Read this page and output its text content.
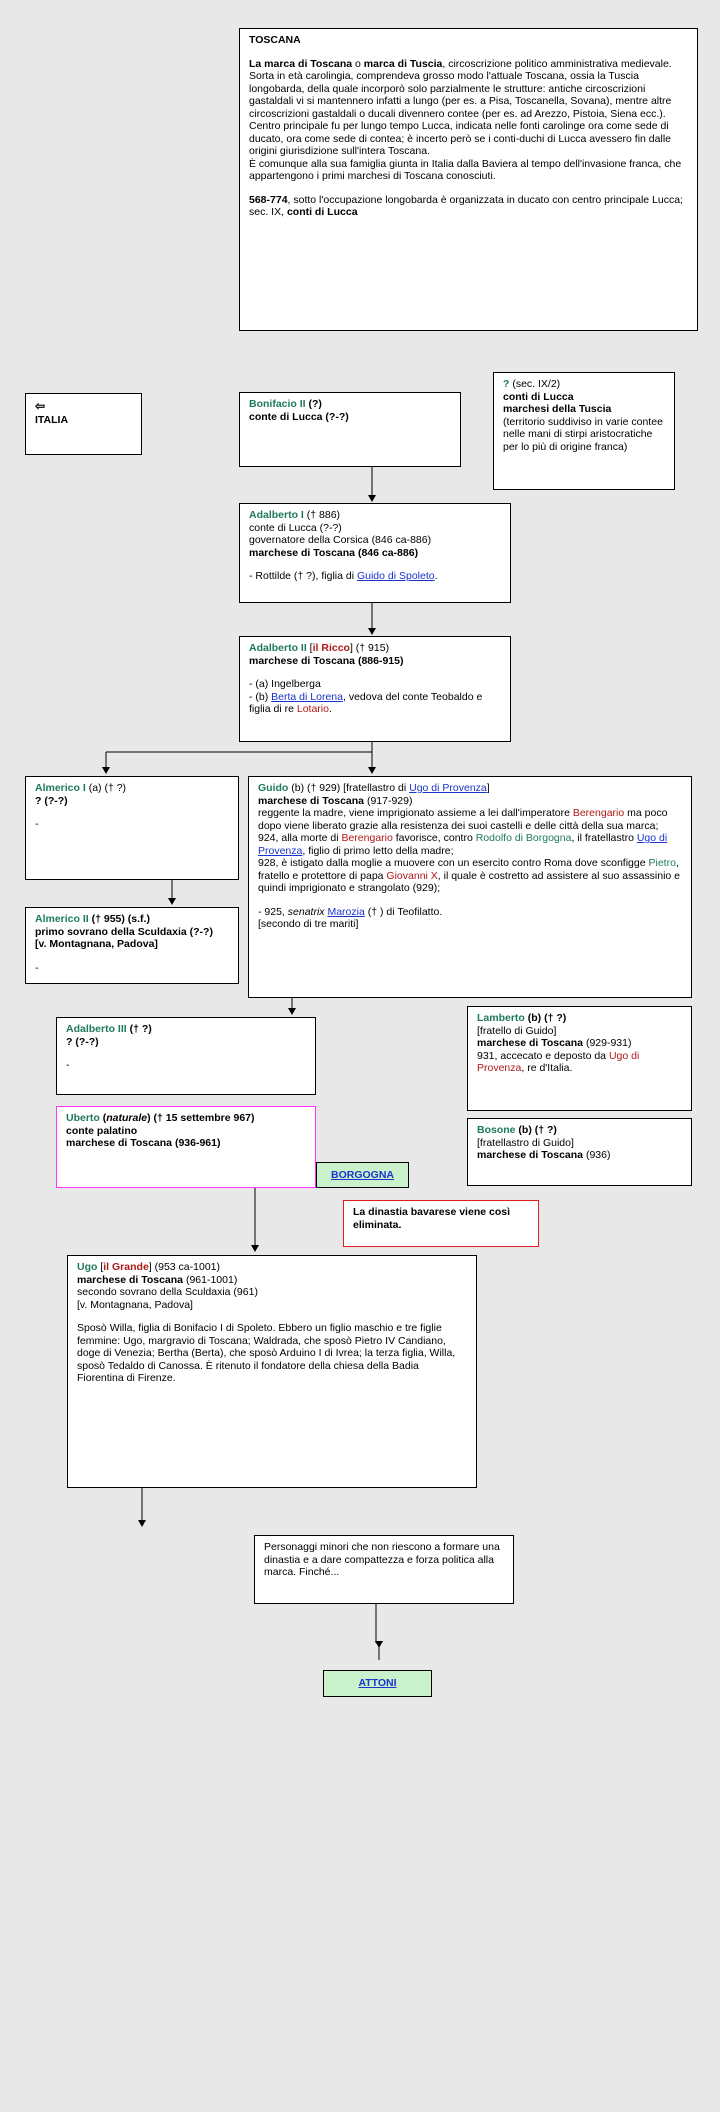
TOSCANA

La marca di Toscana o marca di Tuscia, circoscrizione politico amministrativa medievale.

Sorta in età carolingia, comprendeva grosso modo l'attuale Toscana, ossia la Tuscia longobarda, della quale incorporò solo parzialmente le strutture: antiche circoscrizioni gastaldali vi si mantennero infatti a lungo (per es. a Pisa, Toscanella, Sovana), mentre altre circoscrizioni gastaldali o ducali divennero contee (per es. ad Arezzo, Pistoia, Siena ecc.).

Centro principale fu per lungo tempo Lucca, indicata nelle fonti carolinge ora come sede di ducato, ora come sede di contea; è incerto però se i conti-duchi di Lucca avessero fin dalle origini giurisdizione sull'intera Toscana.

È comunque alla sua famiglia giunta in Italia dalla Baviera al tempo dell'invasione franca, che appartengono i primi marchesi di Toscana conosciuti.

568-774, sotto l'occupazione longobarda è organizzata in ducato con centro principale Lucca;

sec. IX, conti di Lucca

⇦

ITALIA

Bonifacio II (?)

conte di Lucca (?-?)

? (sec. IX/2)

conti di Lucca

marchesi della Tuscia

(territorio suddiviso in varie contee nelle mani di stirpi aristocratiche per lo più di origine franca)

Adalberto I († 886)

conte di Lucca (?-?)

governatore della Corsica (846 ca-886)

marchese di Toscana (846 ca-886)

- Rottilde († ?), figlia di Guido di Spoleto.

Adalberto II [il Ricco] († 915)

marchese di Toscana (886-915)

- (a) Ingelberga

- (b) Berta di Lorena, vedova del conte Teobaldo e figlia di re Lotario.

Almerico I (a) († ?)

? (?-?)

-

Almerico II († 955) (s.f.)

primo sovrano della Sculdaxia (?-?)

[v. Montagnana, Padova]

-

Guido (b) († 929) [fratellastro di Ugo di Provenza]

marchese di Toscana (917-929)

reggente la madre, viene imprigionato assieme a lei dall'imperatore Berengario ma poco dopo viene liberato grazie alla resistenza dei suoi castelli e delle città della sua marca;

924, alla morte di Berengario favorisce, contro Rodolfo di Borgogna, il fratellastro Ugo di Provenza, figlio di primo letto della madre;

928, è istigato dalla moglie a muovere con un esercito contro Roma dove sconfigge Pietro, fratello e protettore di papa Giovanni X, il quale è costretto ad assistere al suo assassinio e quindi imprigionato e strangolato (929);

- 925, senatrix Marozia († ) di Teofilatto.

[secondo di tre mariti]

Adalberto III († ?)

? (?-?)

-

Lamberto (b) († ?)

[fratello di Guido]

marchese di Toscana (929-931)

931, accecato e deposto da Ugo di Provenza, re d'Italia.

Uberto (naturale) († 15 settembre 967)

conte palatino

marchese di Toscana (936-961)

BORGOGNA

Bosone (b) († ?)

[fratellastro di Guido]

marchese di Toscana (936)

La dinastia bavarese viene così eliminata.

Ugo [il Grande] (953 ca-1001)

marchese di Toscana (961-1001)

secondo sovrano della Sculdaxia (961)

[v. Montagnana, Padova]

Sposò Willa, figlia di Bonifacio I di Spoleto. Ebbero un figlio maschio e tre figlie femmine: Ugo, margravio di Toscana; Waldrada, che sposò Pietro IV Candiano, doge di Venezia; Bertha (Berta), che sposò Arduino I di Ivrea; la terza figlia, Willa, sposò Tedaldo di Canossa. È ritenuto il fondatore della chiesa della Badia Fiorentina di Firenze.

Personaggi minori che non riescono a formare una dinastia e a dare compattezza e forza politica alla marca. Finché...

ATTONI
